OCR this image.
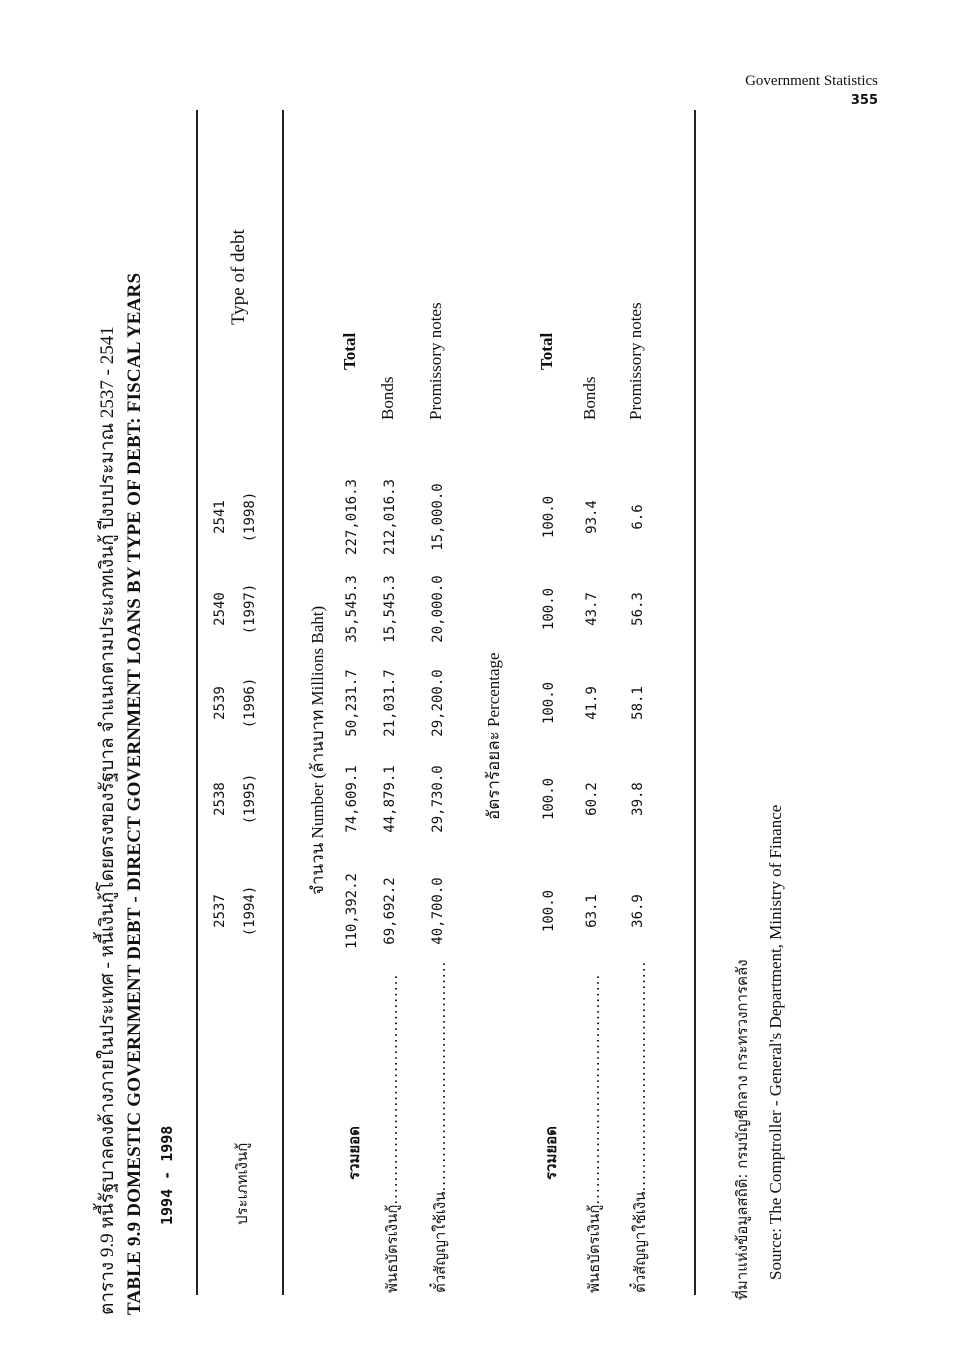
Government Statistics
355
ตาราง 9.9 หนี้รัฐบาลคงค้างภายในประเทศ - หนี้เงินกู้โดยตรงของรัฐบาล จำแนกตามประเภทเงินกู้ ปีงบประมาณ 2537 - 2541 TABLE 9.9 DOMESTIC GOVERNMENT DEBT - DIRECT GOVERNMENT LOANS BY TYPE OF DEBT: FISCAL YEARS 1994 - 1998	ประเภทเงินกู้
Type of debt
2537 (1994)
2538 (1995)
2539 (1996)
2540 (1997)
2541 (1998)
จำนวน Number (ล้านบาท Millions Baht)
รวมยอด
110,392.2
74,609.1
50,231.7
35,545.3
227,016.3
Total
พันธบัตรเงินกู้........................................
69,692.2
44,879.1
21,031.7
15,545.3
212,016.3
Bonds
ตั๋วสัญญาใช้เงิน........................................
40,700.0
29,730.0
29,200.0
20,000.0
15,000.0
Promissory notes
อัตราร้อยละ Percentage
รวมยอด
100.0
100.0
100.0
100.0
100.0
Total
พันธบัตรเงินกู้........................................
63.1
60.2
41.9
43.7
93.4
Bonds
ตั๋วสัญญาใช้เงิน........................................
36.9
39.8
58.1
56.3
6.6
Promissory notes
ที่มาแห่งข้อมูลสถิติ: กรมบัญชีกลาง กระทรวงการคลัง Source: The Comptroller - General's Department, Ministry of Finance
